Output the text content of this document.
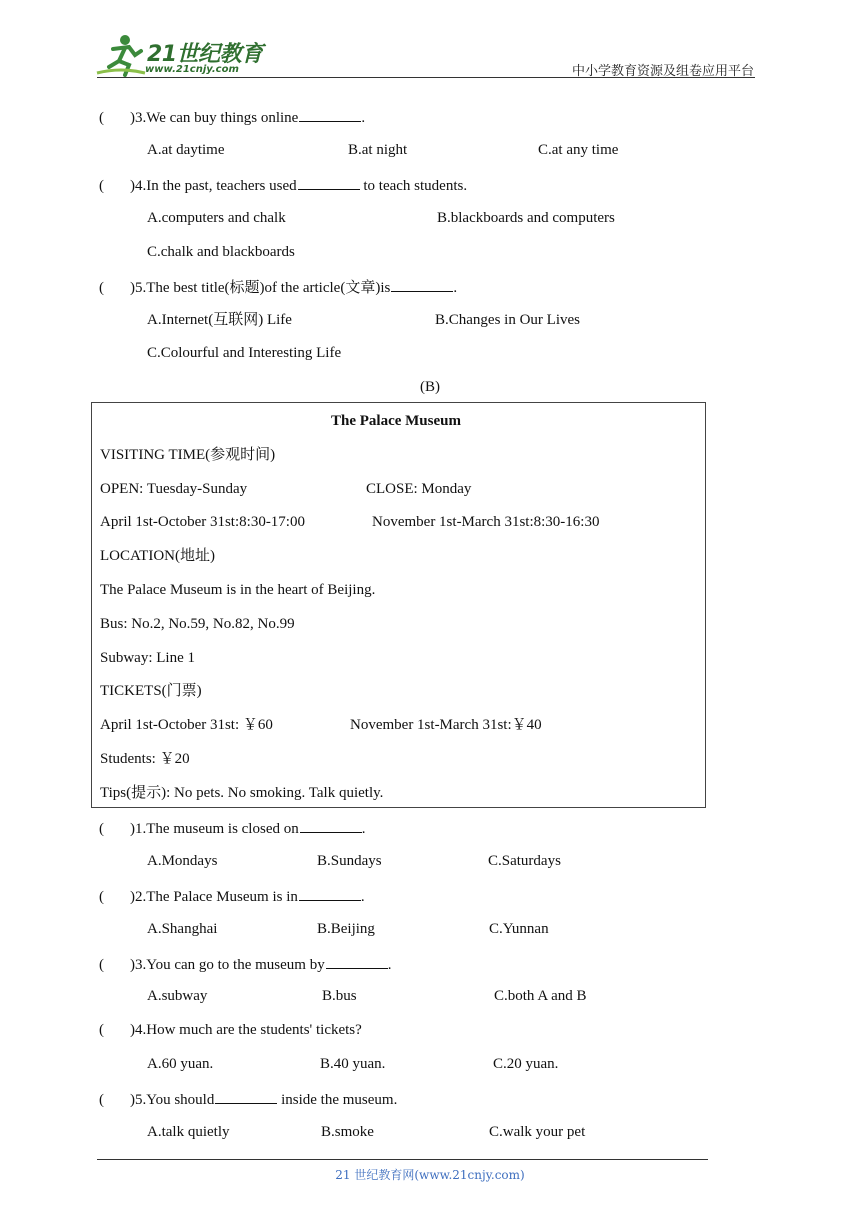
21世纪教育
www.21cnjy.com	中小学教育资源及组卷应用平台
( )3.We can buy things online	.
A.at daytime	B.at night	C.at any time
( )4.In the past, teachers used	to teach students.
A.computers and chalk	B.blackboards and computers
C.chalk and blackboards
( )5.The best title(标题)of the article(文章)is	.
A.Internet(互联网) Life	B.Changes in Our Lives
C.Colourful and Interesting Life
(B)
The Palace Museum
VISITING TIME(参观时间)
OPEN: Tuesday-Sunday	CLOSE: Monday
April 1st-October 31st:8:30-17:00	November 1st-March 31st:8:30-16:30
LOCATION(地址)
The Palace Museum is in the heart of Beijing.
Bus: No.2, No.59, No.82, No.99
Subway: Line 1
TICKETS(门票)
April 1st-October 31st: ￥60	November 1st-March 31st:￥40
Students: ￥20
Tips(提示): No pets. No smoking. Talk quietly.
( )1.The museum is closed on	.
A.Mondays	B.Sundays	C.Saturdays
( )2.The Palace Museum is in	.
A.Shanghai	B.Beijing	C.Yunnan
( )3.You can go to the museum by	.
A.subway	B.bus	C.both A and B
( )4.How much are the students' tickets?
A.60 yuan.	B.40 yuan.	C.20 yuan.
( )5.You should	inside the museum.
A.talk quietly	B.smoke	C.walk your pet
21 世纪教育网(www.21cnjy.com)
